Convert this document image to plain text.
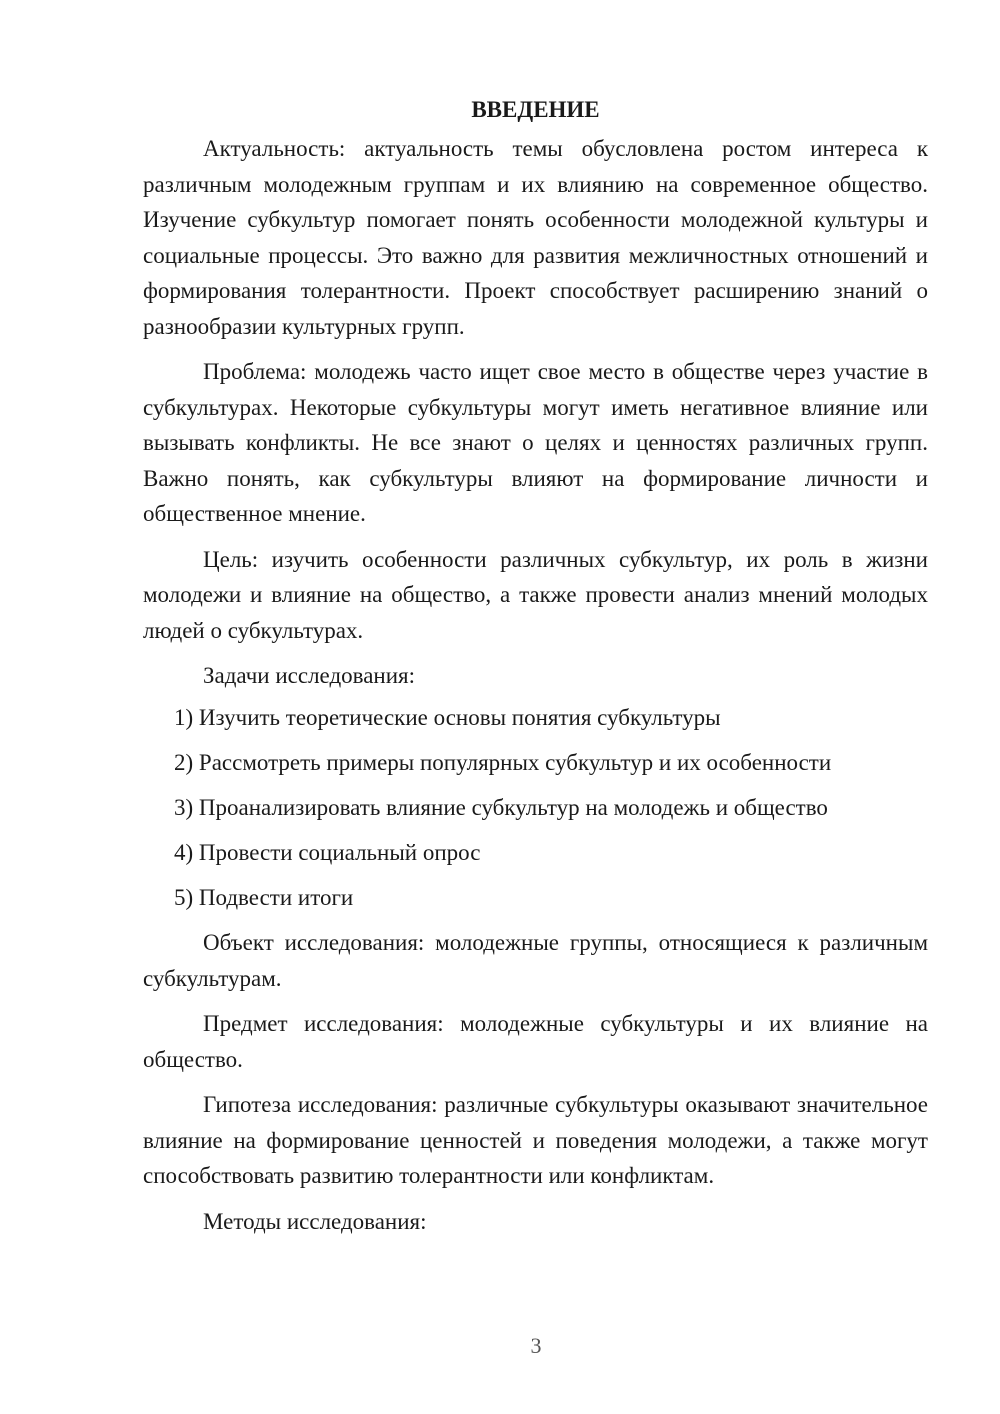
ВВЕДЕНИЕ

Актуальность: актуальность темы обусловлена ростом интереса к различным молодежным группам и их влиянию на современное общество. Изучение субкультур помогает понять особенности молодежной культуры и социальные процессы. Это важно для развития межличностных отношений и формирования толерантности. Проект способствует расширению знаний о разнообразии культурных групп.

Проблема: молодежь часто ищет свое место в обществе через участие в субкультурах. Некоторые субкультуры могут иметь негативное влияние или вызывать конфликты. Не все знают о целях и ценностях различных групп. Важно понять, как субкультуры влияют на формирование личности и общественное мнение.

Цель: изучить особенности различных субкультур, их роль в жизни молодежи и влияние на общество, а также провести анализ мнений молодых людей о субкультурах.

Задачи исследования:

1) Изучить теоретические основы понятия субкультуры
2) Рассмотреть примеры популярных субкультур и их особенности
3) Проанализировать влияние субкультур на молодежь и общество
4) Провести социальный опрос
5) Подвести итоги

Объект исследования: молодежные группы, относящиеся к различным субкультурам.

Предмет исследования: молодежные субкультуры и их влияние на общество.

Гипотеза исследования: различные субкультуры оказывают значительное влияние на формирование ценностей и поведения молодежи, а также могут способствовать развитию толерантности или конфликтам.

Методы исследования:

3
